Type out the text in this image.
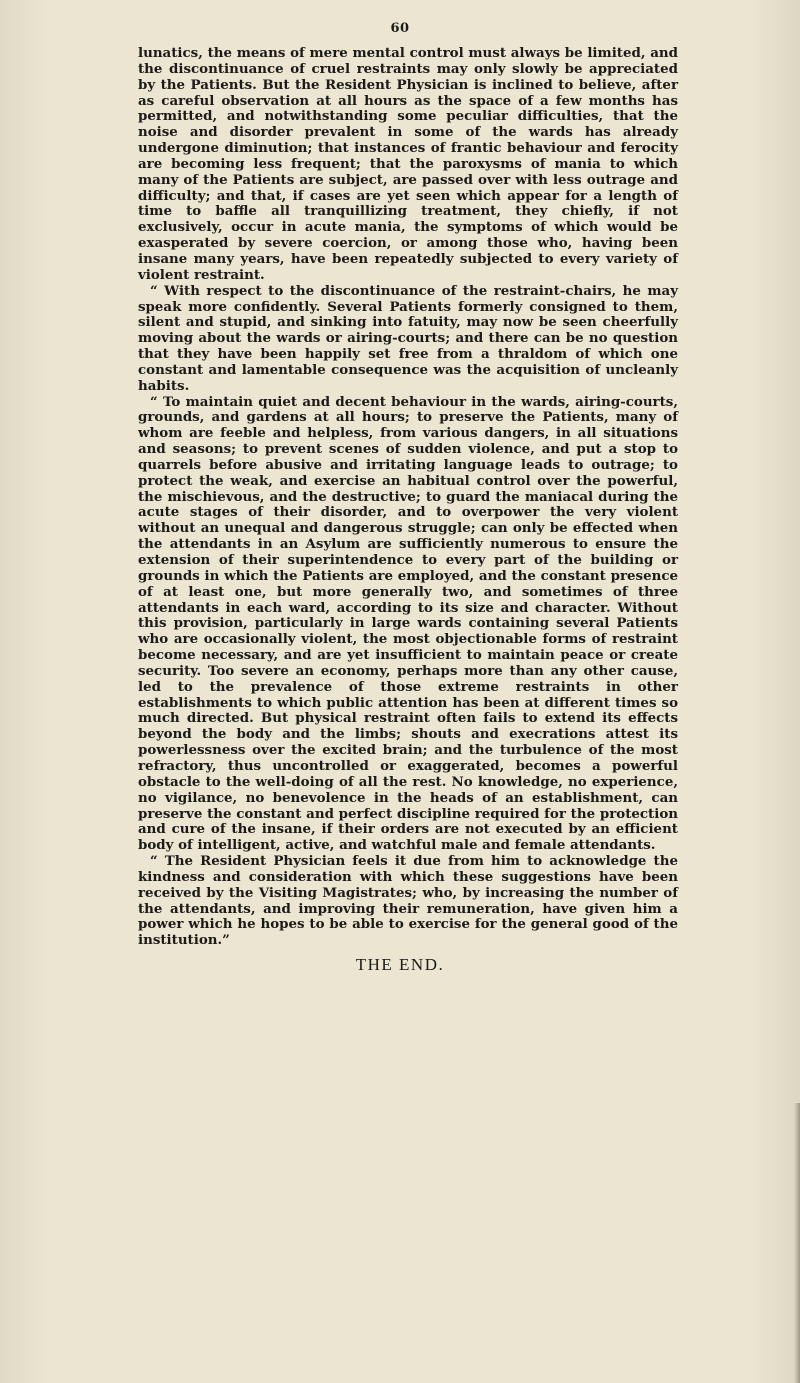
60

lunatics, the means of mere mental control must always be limited, and the discontinuance of cruel restraints may only slowly be appreciated by the Patients. But the Resident Physician is inclined to believe, after as careful observation at all hours as the space of a few months has permitted, and notwithstanding some peculiar difficulties, that the noise and disorder prevalent in some of the wards has already undergone diminution; that instances of frantic behaviour and ferocity are becoming less frequent; that the paroxysms of mania to which many of the Patients are subject, are passed over with less outrage and difficulty; and that, if cases are yet seen which appear for a length of time to baffle all tranquillizing treatment, they chiefly, if not exclusively, occur in acute mania, the symptoms of which would be exasperated by severe coercion, or among those who, having been insane many years, have been repeatedly subjected to every variety of violent restraint.

“ With respect to the discontinuance of the restraint-chairs, he may speak more confidently. Several Patients formerly consigned to them, silent and stupid, and sinking into fatuity, may now be seen cheerfully moving about the wards or airing-courts; and there can be no question that they have been happily set free from a thraldom of which one constant and lamentable consequence was the acquisition of uncleanly habits.

“ To maintain quiet and decent behaviour in the wards, airing-courts, grounds, and gardens at all hours; to preserve the Patients, many of whom are feeble and helpless, from various dangers, in all situations and seasons; to prevent scenes of sudden violence, and put a stop to quarrels before abusive and irritating language leads to outrage; to protect the weak, and exercise an habitual control over the powerful, the mischievous, and the destructive; to guard the maniacal during the acute stages of their disorder, and to overpower the very violent without an unequal and dangerous struggle; can only be effected when the attendants in an Asylum are sufficiently numerous to ensure the extension of their superintendence to every part of the building or grounds in which the Patients are employed, and the constant presence of at least one, but more generally two, and sometimes of three attendants in each ward, according to its size and character. Without this provision, particularly in large wards containing several Patients who are occasionally violent, the most objectionable forms of restraint become necessary, and are yet insufficient to maintain peace or create security. Too severe an economy, perhaps more than any other cause, led to the prevalence of those extreme restraints in other establishments to which public attention has been at different times so much directed. But physical restraint often fails to extend its effects beyond the body and the limbs; shouts and execrations attest its powerlessness over the excited brain; and the turbulence of the most refractory, thus uncontrolled or exaggerated, becomes a powerful obstacle to the well-doing of all the rest. No knowledge, no experience, no vigilance, no benevolence in the heads of an establishment, can preserve the constant and perfect discipline required for the protection and cure of the insane, if their orders are not executed by an efficient body of intelligent, active, and watchful male and female attendants.

“ The Resident Physician feels it due from him to acknowledge the kindness and consideration with which these suggestions have been received by the Visiting Magistrates; who, by increasing the number of the attendants, and improving their remuneration, have given him a power which he hopes to be able to exercise for the general good of the institution.”

THE END.
